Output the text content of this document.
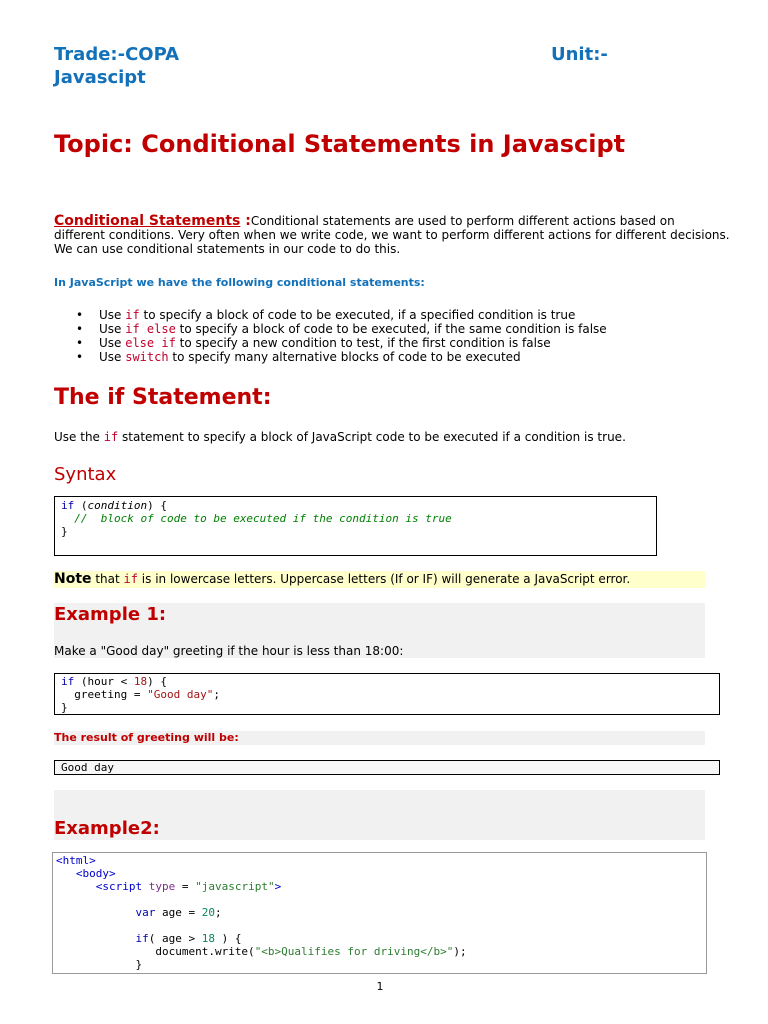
Trade:-COPA	Unit:-
Javascipt
Topic: Conditional Statements in Javascipt
Conditional Statements :Conditional statements are used to perform different actions based on
different conditions. Very often when we write code, we want to perform different actions for different decisions.
We can use conditional statements in our code to do this.
In JavaScript we have the following conditional statements:
• Use if to specify a block of code to be executed, if a specified condition is true
• Use if else to specify a block of code to be executed, if the same condition is false
• Use else if to specify a new condition to test, if the first condition is false
• Use switch to specify many alternative blocks of code to be executed
The if Statement:
Use the if statement to specify a block of JavaScript code to be executed if a condition is true.
Syntax
if (condition) {
//  block of code to be executed if the condition is true
}
Note that if is in lowercase letters. Uppercase letters (If or IF) will generate a JavaScript error.
Example 1:
Make a "Good day" greeting if the hour is less than 18:00:
if (hour < 18) {
greeting = "Good day";
}
The result of greeting will be:
Good day
Example2:
<html>
<body>
<script type = "javascript">

var age = 20;

if( age > 18 ) {
document.write("<b>Qualifies for driving</b>");
}
1
